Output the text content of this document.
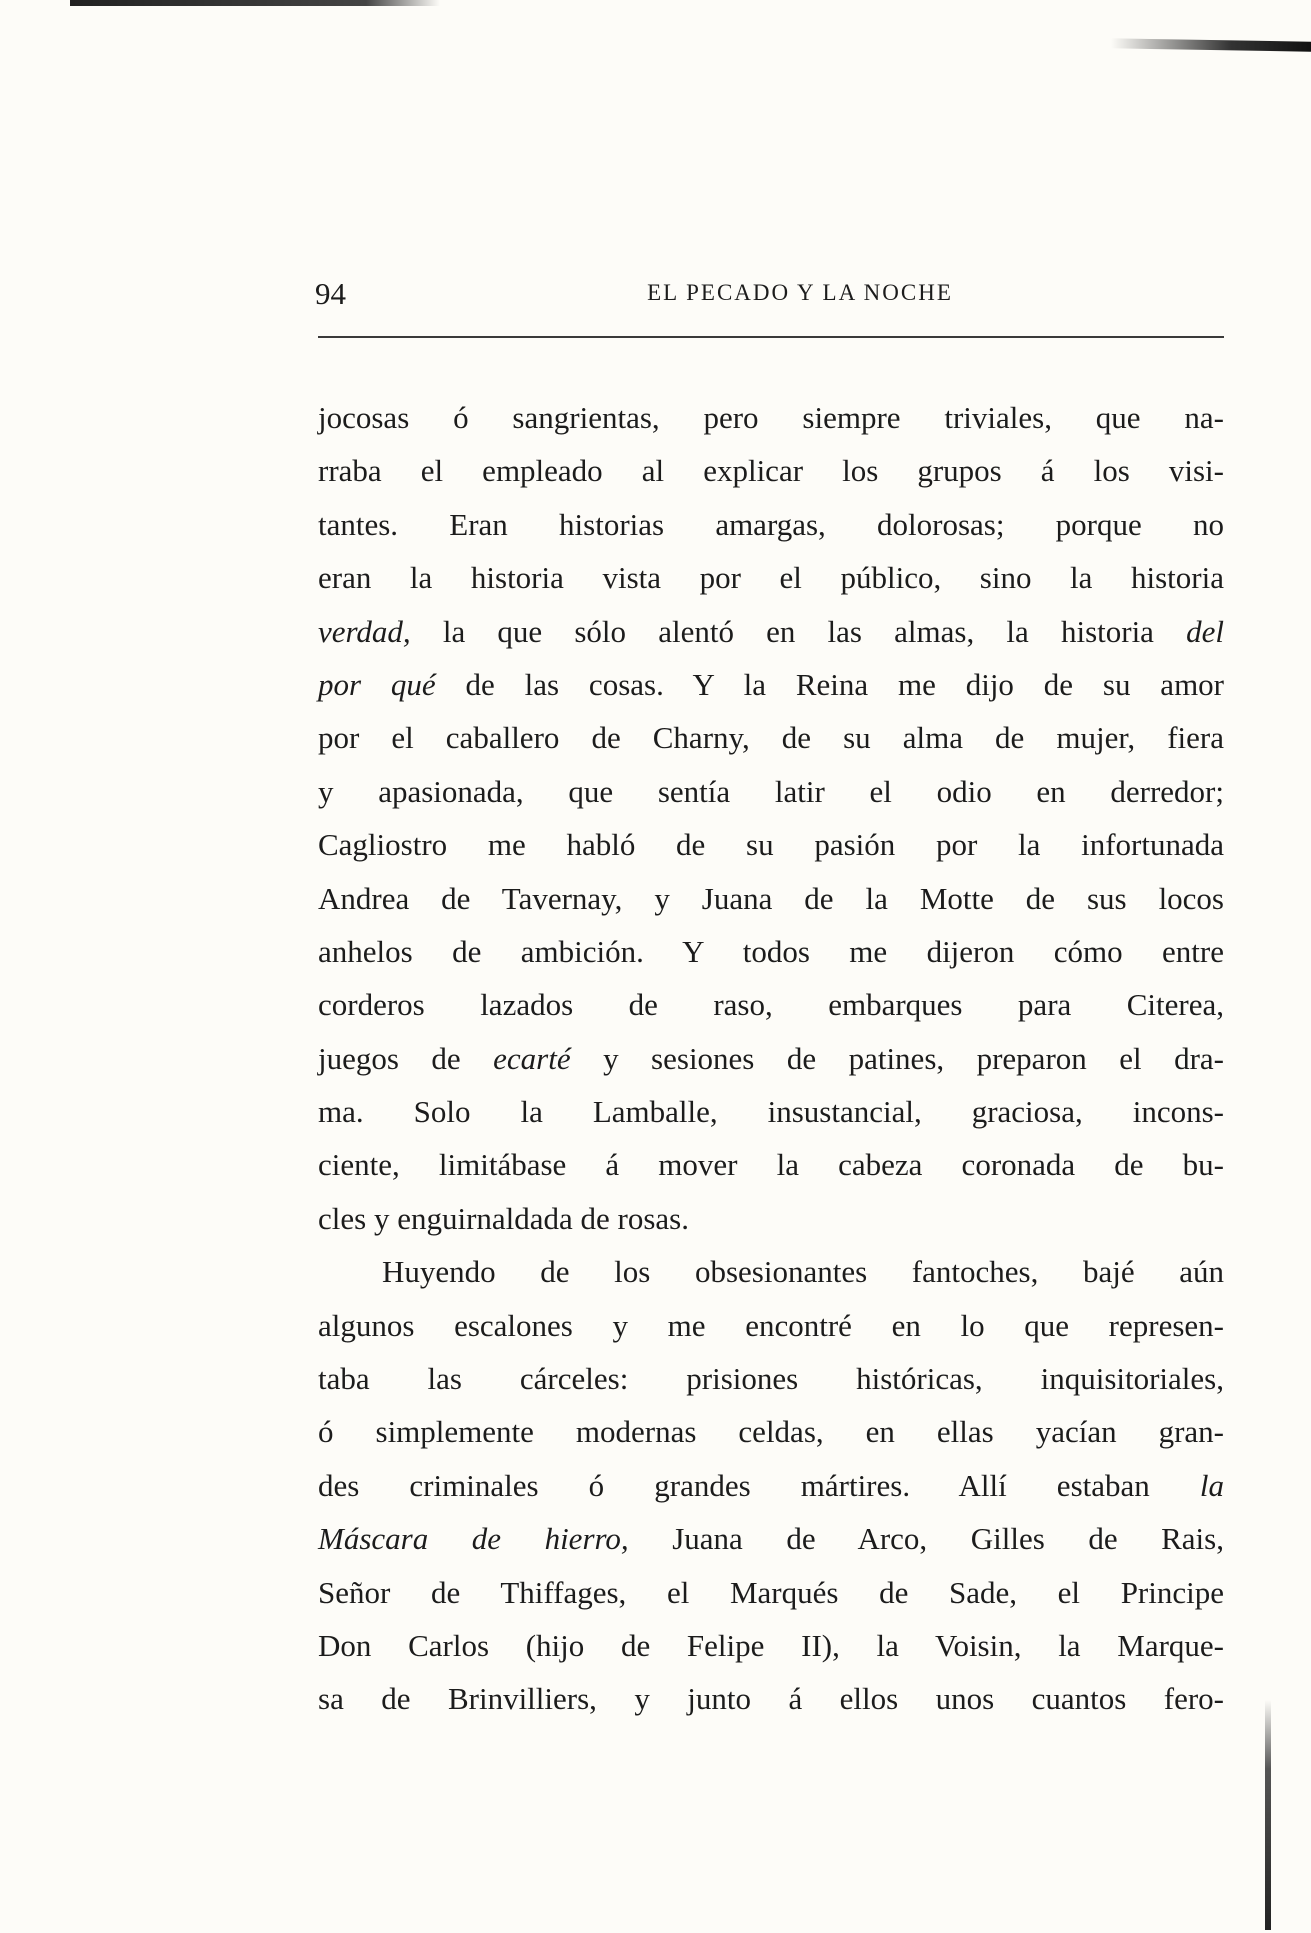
94	EL PECADO Y LA NOCHE
jocosas ó sangrientas, pero siempre triviales, que na-
rraba el empleado al explicar los grupos á los visi-
tantes. Eran historias amargas, dolorosas; porque no
eran la historia vista por el público, sino la historia
verdad, la que sólo alentó en las almas, la historia del
por qué de las cosas. Y la Reina me dijo de su amor
por el caballero de Charny, de su alma de mujer, fiera
y apasionada, que sentía latir el odio en derredor;
Cagliostro me habló de su pasión por la infortunada
Andrea de Tavernay, y Juana de la Motte de sus locos
anhelos de ambición. Y todos me dijeron cómo entre
corderos lazados de raso, embarques para Citerea,
juegos de ecarté y sesiones de patines, preparon el dra-
ma. Solo la Lamballe, insustancial, graciosa, incons-
ciente, limitábase á mover la cabeza coronada de bu-
cles y enguirnaldada de rosas.
Huyendo de los obsesionantes fantoches, bajé aún
algunos escalones y me encontré en lo que represen-
taba las cárceles: prisiones históricas, inquisitoriales,
ó simplemente modernas celdas, en ellas yacían gran-
des criminales ó grandes mártires. Allí estaban la
Máscara de hierro, Juana de Arco, Gilles de Rais,
Señor de Thiffages, el Marqués de Sade, el Principe
Don Carlos (hijo de Felipe II), la Voisin, la Marque-
sa de Brinvilliers, y junto á ellos unos cuantos fero-
